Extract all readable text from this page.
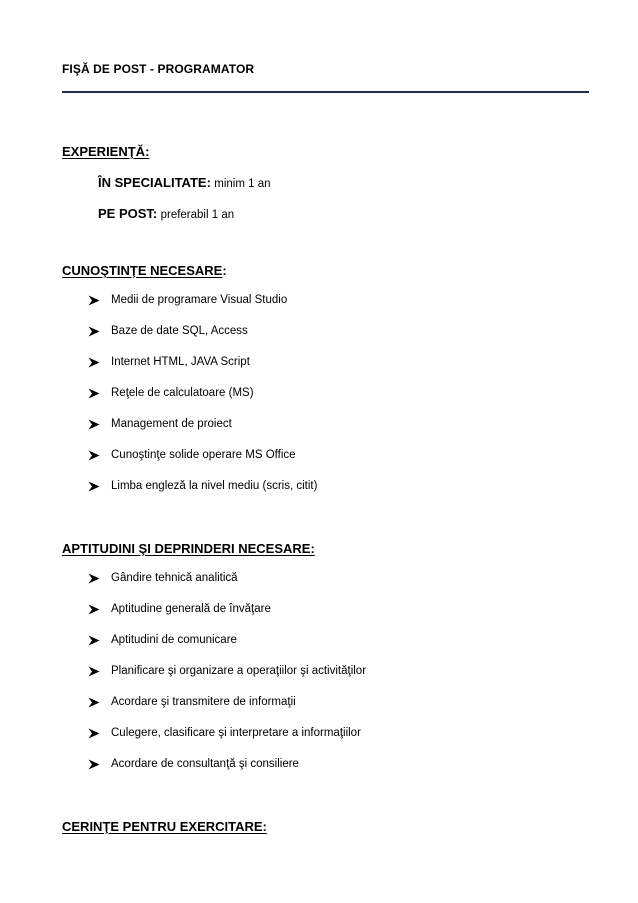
FIŞĂ DE POST - PROGRAMATOR
EXPERIENŢĂ:
ÎN SPECIALITATE: minim 1 an
PE POST: preferabil 1 an
CUNOŞTINŢE NECESARE:
Medii de programare Visual Studio
Baze de date SQL, Access
Internet HTML, JAVA Script
Reţele de calculatoare (MS)
Management de proiect
Cunoştinţe solide operare MS Office
Limba engleză la nivel mediu (scris, citit)
APTITUDINI ŞI DEPRINDERI NECESARE:
Gândire tehnică analitică
Aptitudine generală de învăţare
Aptitudini de comunicare
Planificare şi organizare a operaţiilor şi activităţilor
Acordare şi transmitere de informaţii
Culegere, clasificare şi interpretare a informaţiilor
Acordare de consultanţă şi consiliere
CERINŢE PENTRU EXERCITARE:
